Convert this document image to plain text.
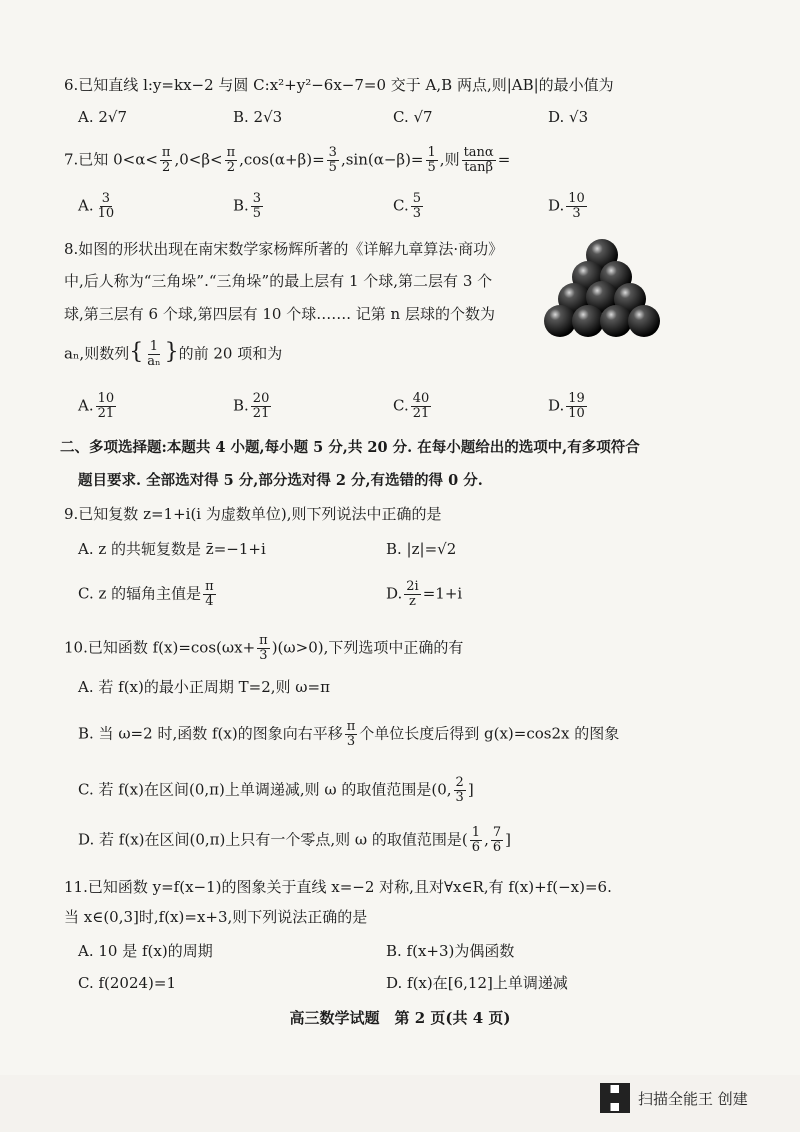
6.已知直线 l:y=kx−2 与圆 C:x²+y²−6x−7=0 交于 A,B 两点,则|AB|的最小值为
A. 2√7	B. 2√3	C. √7	D. √3
7.已知 $0<\alpha< \frac{\pi}{2} ,0<\beta< \frac{\pi}{2} ,\cos(\alpha+\beta)= \frac{3}{5} ,\sin(\alpha-\beta)= \frac{1}{5}$ ,则 $\frac{\tan\alpha}{\tan\beta}$ =
A. $\frac{3}{10}$	B. $\frac{3}{5}$	C. $\frac{5}{3}$	D. $\frac{10}{3}$
8.如图的形状出现在南宋数学家杨辉所著的《详解九章算法·商功》
中,后人称为“三角垛”.“三角垛”的最上层有 1 个球,第二层有 3 个
球,第三层有 6 个球,第四层有 10 个球……. 记第 n 层球的个数为
aₙ,则数列{ $\frac{1}{\text{aₙ}}$ }的前 20 项和为
A. $\frac{10}{21}$	B. $\frac{20}{21}$	C. $\frac{40}{21}$	D. $\frac{19}{10}$
二、多项选择题:本题共 4 小题,每小题 5 分,共 20 分. 在每小题给出的选项中,有多项符合
题目要求. 全部选对得 5 分,部分选对得 2 分,有选错的得 0 分.
9.已知复数 z=1+i(i 为虚数单位),则下列说法中正确的是
A. z 的共轭复数是 z̄=−1+i	B. |z|=√2
C. z 的辐角主值是 $\frac{\pi}{4}$	D. $\frac{2i}{z} =1+i$
10.已知函数 $f(x)=\cos(\omega x+ \frac{\pi}{3} )(\omega>0)$,下列选项中正确的有
A. 若 f(x)的最小正周期 T=2,则 ω=π
B. 当 ω=2 时,函数 f(x)的图象向右平移 $\frac{\pi}{3}$ 个单位长度后得到 g(x)=cos2x 的图象
C. 若 f(x)在区间(0,π)上单调递减,则 ω 的取值范围是(0, $\frac{2}{3}$ ]
D. 若 f(x)在区间(0,π)上只有一个零点,则 ω 的取值范围是( $\frac{1}{6}$ , $\frac{7}{6}$ ]
11.已知函数 y=f(x−1)的图象关于直线 x=−2 对称,且对∀x∈R,有 f(x)+f(−x)=6.
当 x∈(0,3]时,f(x)=x+3,则下列说法正确的是
A. 10 是 f(x)的周期	B. f(x+3)为偶函数
C. f(2024)=1	D. f(x)在[6,12]上单调递减
高三数学试题　第 2 页(共 4 页)
扫描全能王 创建
